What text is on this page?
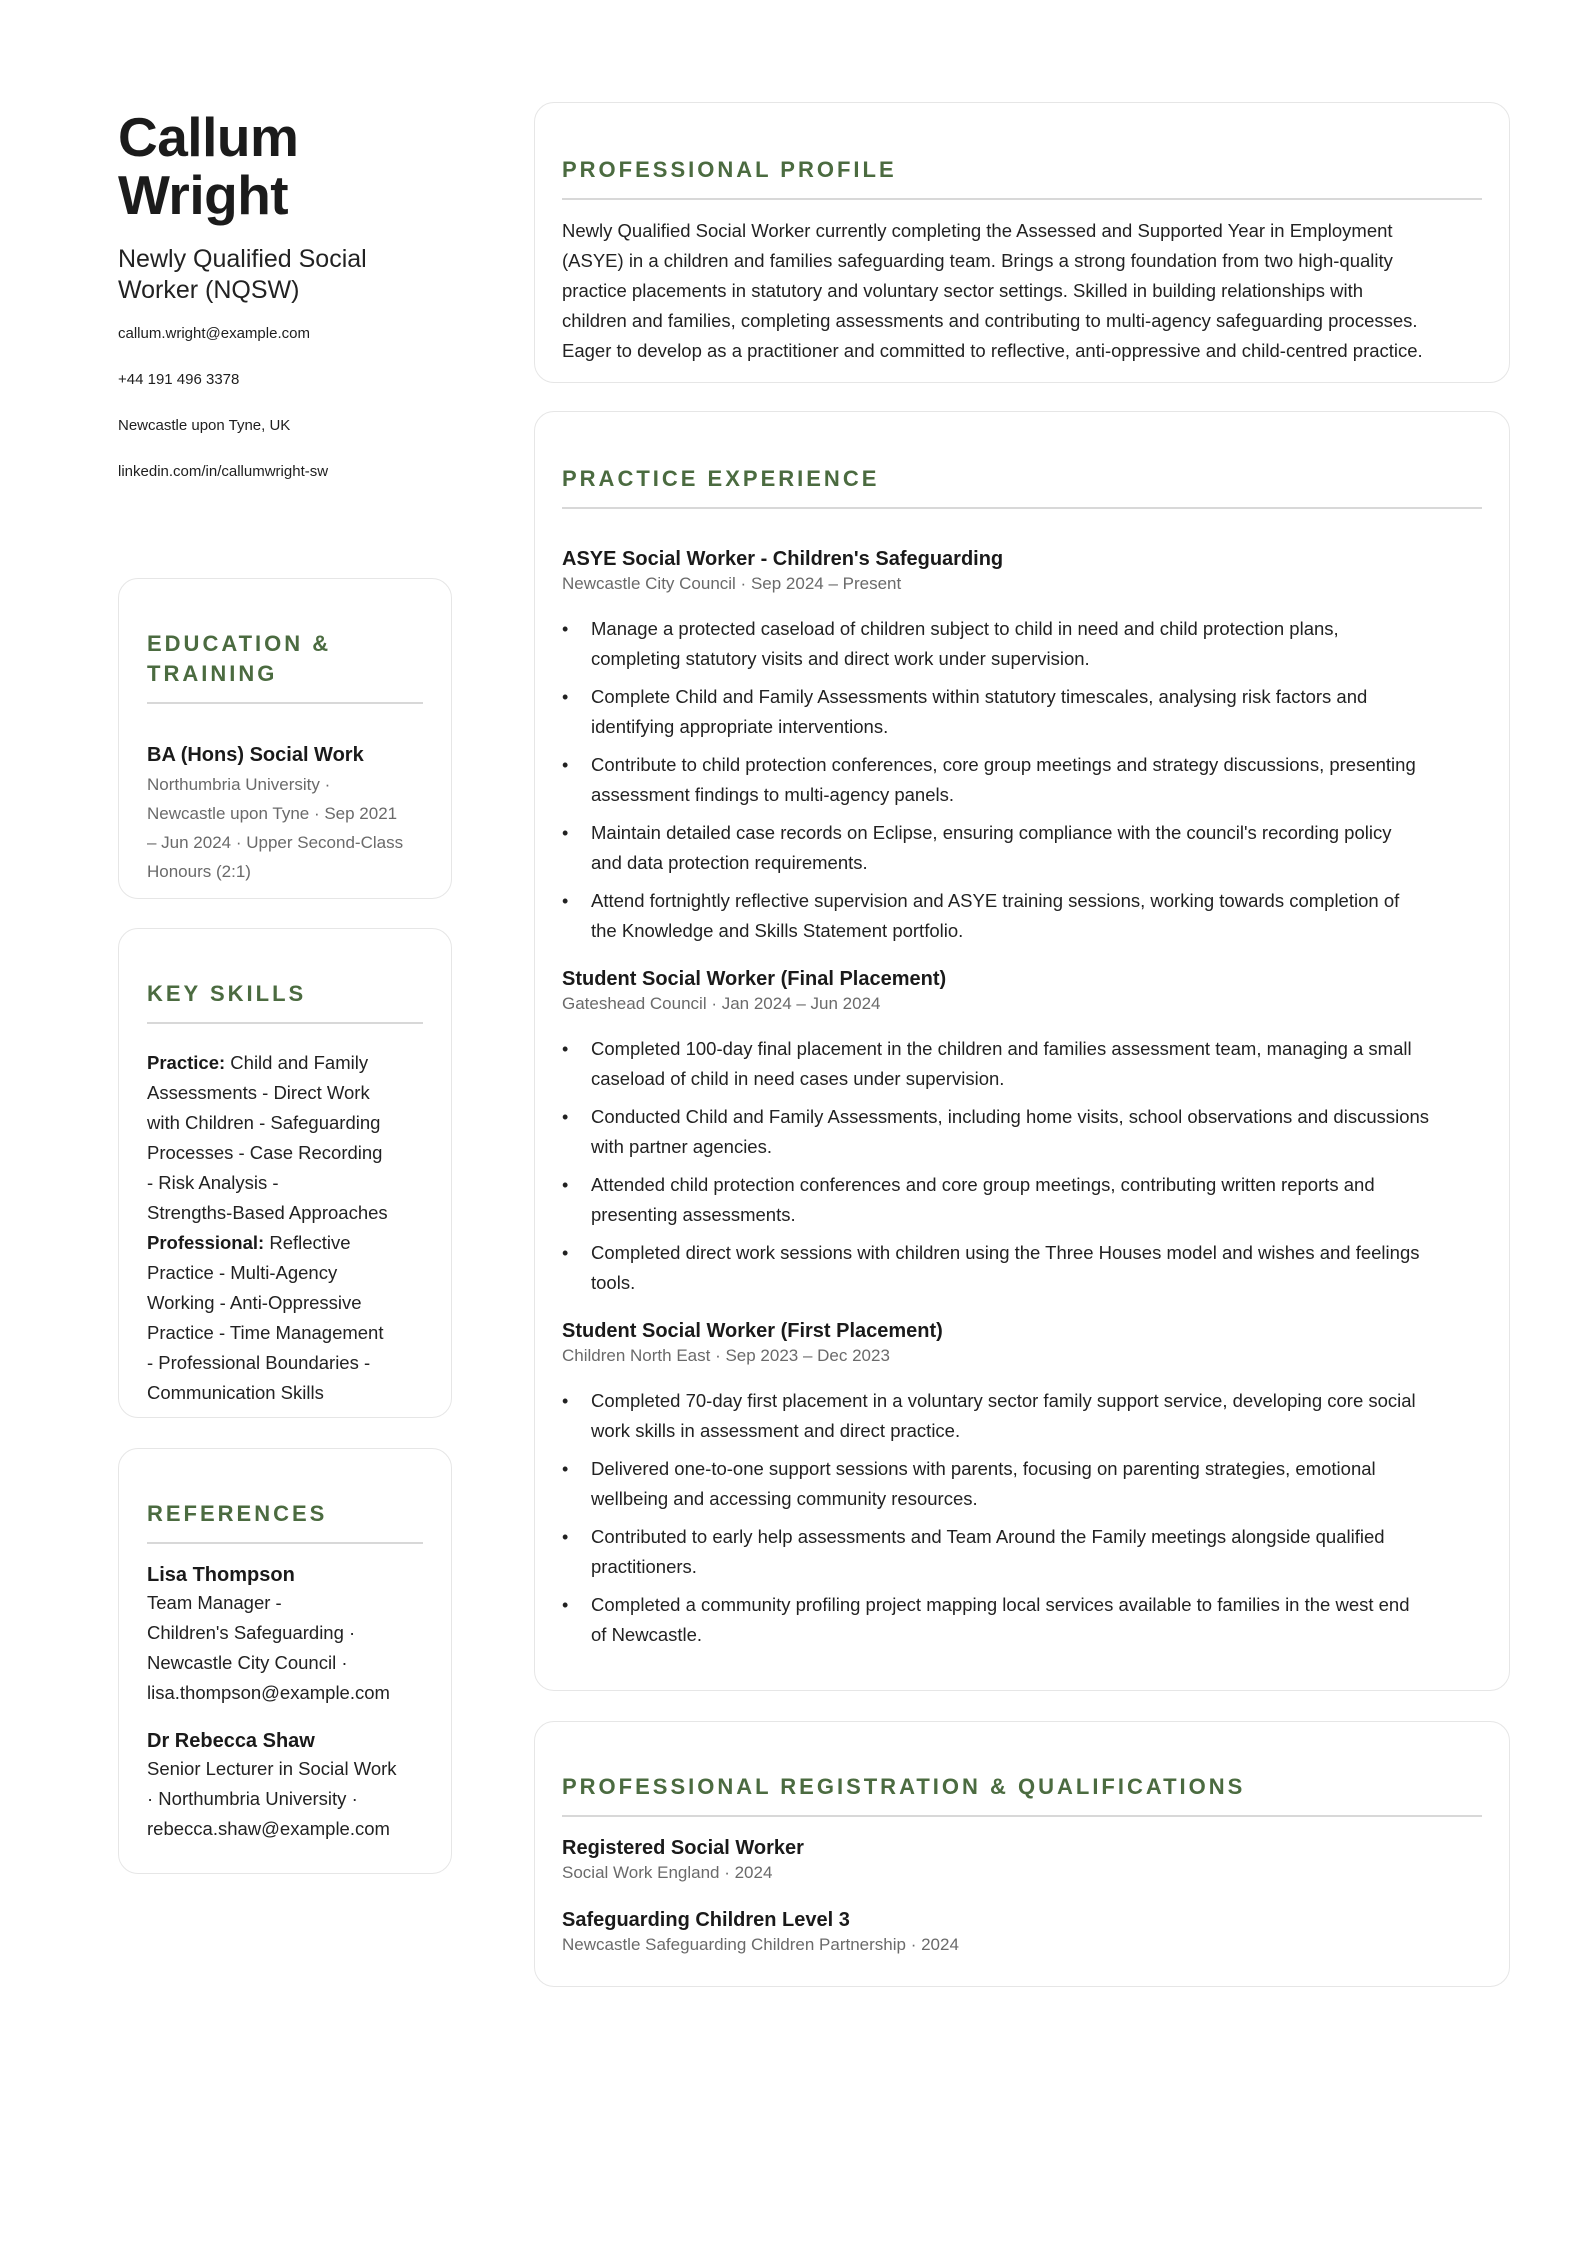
Callum
Wright
Newly Qualified Social
Worker (NQSW)
callum.wright@example.com
+44 191 496 3378
Newcastle upon Tyne, UK
linkedin.com/in/callumwright-sw
EDUCATION &
TRAINING
BA (Hons) Social Work
Northumbria University ·
Newcastle upon Tyne · Sep 2021
– Jun 2024 · Upper Second-Class
Honours (2:1)
KEY SKILLS

Practice: Child and Family
Assessments - Direct Work
with Children - Safeguarding
Processes - Case Recording
- Risk Analysis -
Strengths-Based Approaches

Professional: Reflective
Practice - Multi-Agency
Working - Anti-Oppressive
Practice - Time Management
- Professional Boundaries -
Communication Skills

REFERENCES
Lisa Thompson
Team Manager -
Children's Safeguarding ·
Newcastle City Council ·
lisa.thompson@example.com
Dr Rebecca Shaw
Senior Lecturer in Social Work
· Northumbria University ·
rebecca.shaw@example.com
PROFESSIONAL PROFILE
Newly Qualified Social Worker currently completing the Assessed and Supported Year in Employment
(ASYE) in a children and families safeguarding team. Brings a strong foundation from two high-quality
practice placements in statutory and voluntary sector settings. Skilled in building relationships with
children and families, completing assessments and contributing to multi-agency safeguarding processes.
Eager to develop as a practitioner and committed to reflective, anti-oppressive and child-centred practice.
PRACTICE EXPERIENCE
ASYE Social Worker - Children's Safeguarding
Newcastle City Council · Sep 2024 – Present
• Manage a protected caseload of children subject to child in need and child protection plans,
completing statutory visits and direct work under supervision.
• Complete Child and Family Assessments within statutory timescales, analysing risk factors and
identifying appropriate interventions.
• Contribute to child protection conferences, core group meetings and strategy discussions, presenting
assessment findings to multi-agency panels.
• Maintain detailed case records on Eclipse, ensuring compliance with the council's recording policy
and data protection requirements.
• Attend fortnightly reflective supervision and ASYE training sessions, working towards completion of
the Knowledge and Skills Statement portfolio.
Student Social Worker (Final Placement)
Gateshead Council · Jan 2024 – Jun 2024
• Completed 100-day final placement in the children and families assessment team, managing a small
caseload of child in need cases under supervision.
• Conducted Child and Family Assessments, including home visits, school observations and discussions
with partner agencies.
• Attended child protection conferences and core group meetings, contributing written reports and
presenting assessments.
• Completed direct work sessions with children using the Three Houses model and wishes and feelings
tools.
Student Social Worker (First Placement)
Children North East · Sep 2023 – Dec 2023
• Completed 70-day first placement in a voluntary sector family support service, developing core social
work skills in assessment and direct practice.
• Delivered one-to-one support sessions with parents, focusing on parenting strategies, emotional
wellbeing and accessing community resources.
• Contributed to early help assessments and Team Around the Family meetings alongside qualified
practitioners.
• Completed a community profiling project mapping local services available to families in the west end
of Newcastle.
PROFESSIONAL REGISTRATION & QUALIFICATIONS
Registered Social Worker
Social Work England · 2024
Safeguarding Children Level 3
Newcastle Safeguarding Children Partnership · 2024
